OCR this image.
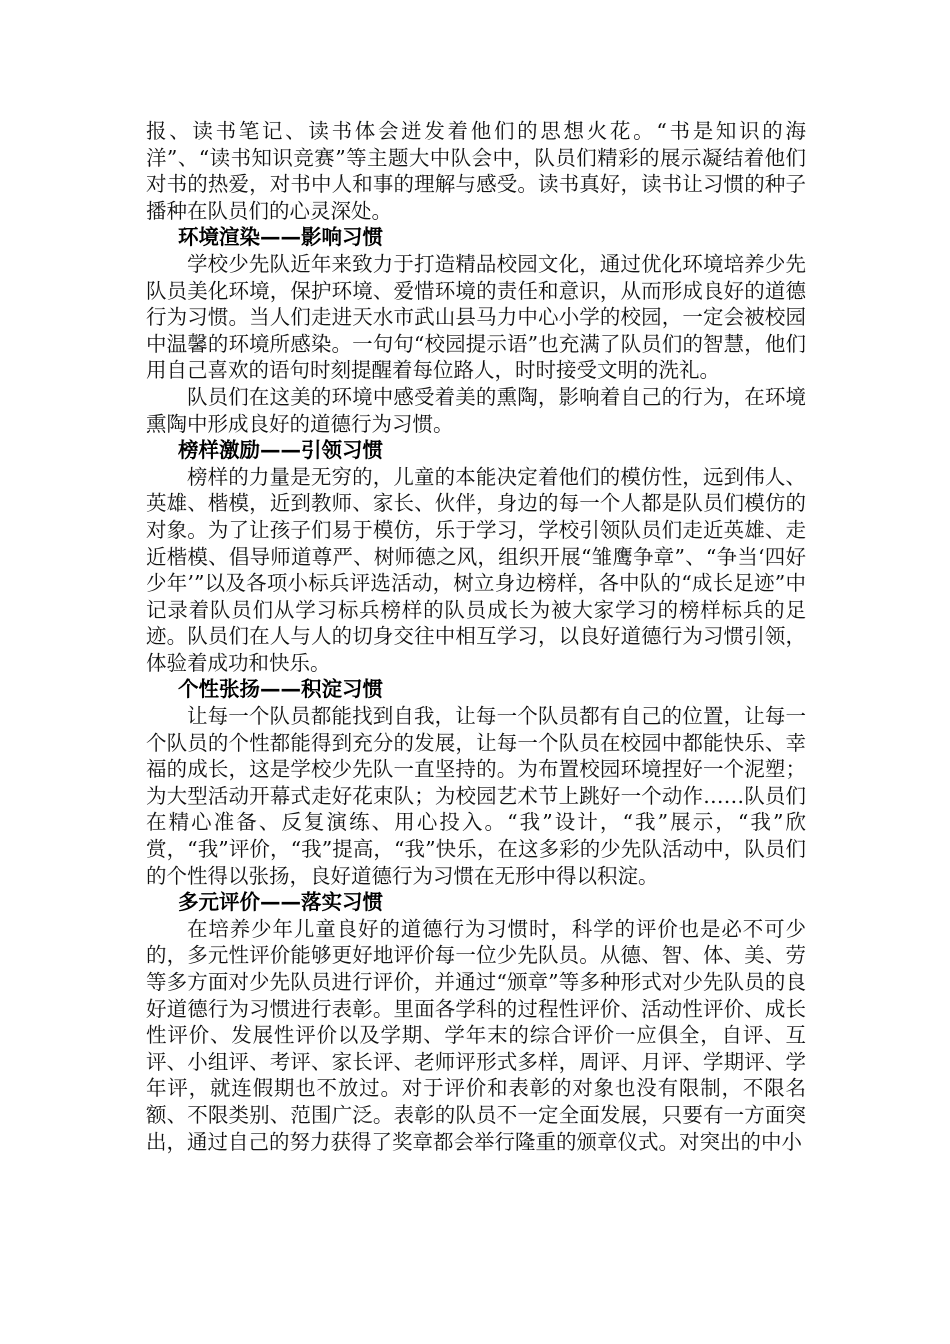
报、读书笔记、读书体会迸发着他们的思想火花。“书是知识的海洋”、“读书知识竞赛”等主题大中队会中，队员们精彩的展示凝结着他们对书的热爱，对书中人和事的理解与感受。读书真好，读书让习惯的种子播种在队员们的心灵深处。

环境渲染——影响习惯

学校少先队近年来致力于打造精品校园文化，通过优化环境培养少先队员美化环境，保护环境、爱惜环境的责任和意识，从而形成良好的道德行为习惯。当人们走进天水市武山县马力中心小学的校园，一定会被校园中温馨的环境所感染。一句句“校园提示语”也充满了队员们的智慧，他们用自己喜欢的语句时刻提醒着每位路人，时时接受文明的洗礼。

队员们在这美的环境中感受着美的熏陶，影响着自己的行为，在环境熏陶中形成良好的道德行为习惯。

榜样激励——引领习惯

榜样的力量是无穷的，儿童的本能决定着他们的模仿性，远到伟人、英雄、楷模，近到教师、家长、伙伴，身边的每一个人都是队员们模仿的对象。为了让孩子们易于模仿，乐于学习，学校引领队员们走近英雄、走近楷模、倡导师道尊严、树师德之风，组织开展“雏鹰争章”、“争当‘四好少年’”以及各项小标兵评选活动，树立身边榜样，各中队的“成长足迹”中记录着队员们从学习标兵榜样的队员成长为被大家学习的榜样标兵的足迹。队员们在人与人的切身交往中相互学习，以良好道德行为习惯引领，体验着成功和快乐。

个性张扬——积淀习惯

让每一个队员都能找到自我，让每一个队员都有自己的位置，让每一个队员的个性都能得到充分的发展，让每一个队员在校园中都能快乐、幸福的成长，这是学校少先队一直坚持的。为布置校园环境捏好一个泥塑；为大型活动开幕式走好花束队；为校园艺术节上跳好一个动作……队员们在精心准备、反复演练、用心投入。“我”设计，“我”展示，“我”欣赏，“我”评价，“我”提高，“我”快乐，在这多彩的少先队活动中，队员们的个性得以张扬，良好道德行为习惯在无形中得以积淀。

多元评价——落实习惯

在培养少年儿童良好的道德行为习惯时，科学的评价也是必不可少的，多元性评价能够更好地评价每一位少先队员。从德、智、体、美、劳等多方面对少先队员进行评价，并通过“颁章”等多种形式对少先队员的良好道德行为习惯进行表彰。里面各学科的过程性评价、活动性评价、成长性评价、发展性评价以及学期、学年末的综合评价一应俱全，自评、互评、小组评、考评、家长评、老师评形式多样，周评、月评、学期评、学年评，就连假期也不放过。对于评价和表彰的对象也没有限制，不限名额、不限类别、范围广泛。表彰的队员不一定全面发展，只要有一方面突出，通过自己的努力获得了奖章都会举行隆重的颁章仪式。对突出的中小
